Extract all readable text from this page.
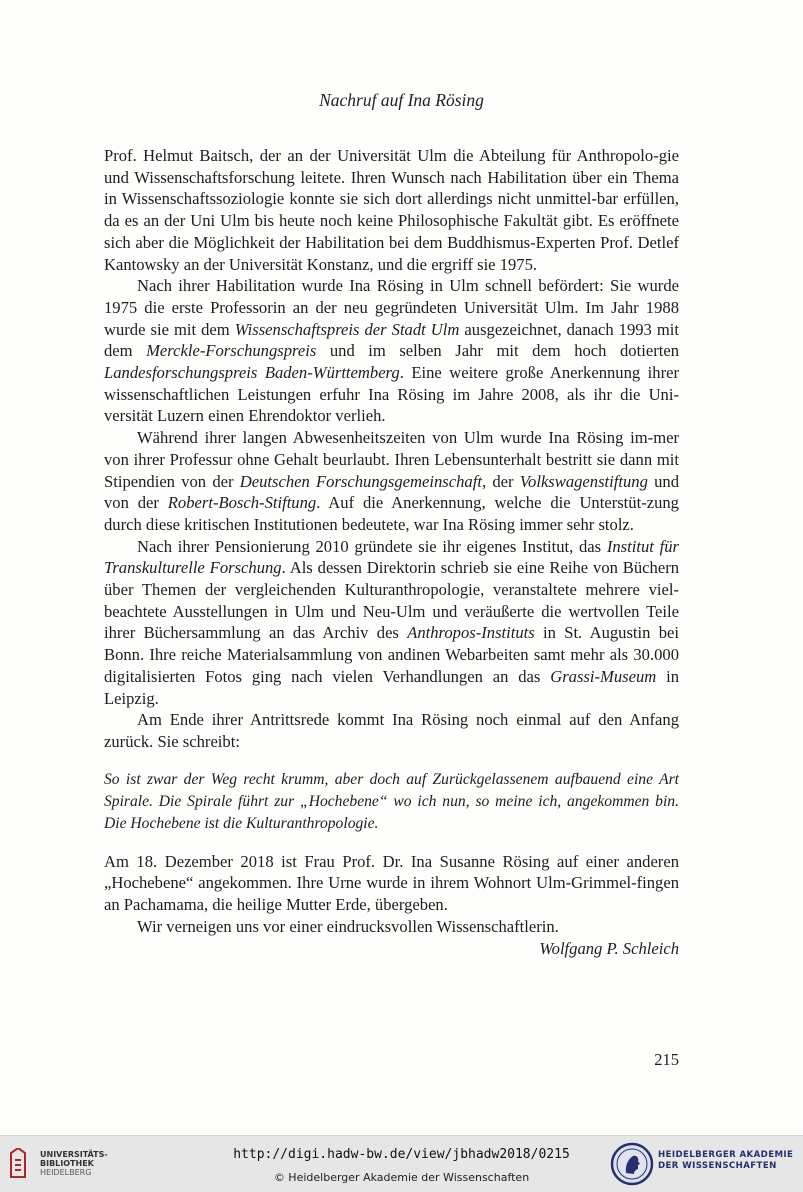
Nachruf auf Ina Rösing

Prof. Helmut Baitsch, der an der Universität Ulm die Abteilung für Anthropolo-gie und Wissenschaftsforschung leitete. Ihren Wunsch nach Habilitation über ein Thema in Wissenschaftssoziologie konnte sie sich dort allerdings nicht unmittel-bar erfüllen, da es an der Uni Ulm bis heute noch keine Philosophische Fakultät gibt. Es eröffnete sich aber die Möglichkeit der Habilitation bei dem Buddhismus-Experten Prof. Detlef Kantowsky an der Universität Konstanz, und die ergriff sie 1975.

Nach ihrer Habilitation wurde Ina Rösing in Ulm schnell befördert: Sie wurde 1975 die erste Professorin an der neu gegründeten Universität Ulm. Im Jahr 1988 wurde sie mit dem Wissenschaftspreis der Stadt Ulm ausgezeichnet, danach 1993 mit dem Merckle-Forschungspreis und im selben Jahr mit dem hoch dotierten Landesforschungspreis Baden-Württemberg. Eine weitere große Anerkennung ihrer wissenschaftlichen Leistungen erfuhr Ina Rösing im Jahre 2008, als ihr die Uni-versität Luzern einen Ehrendoktor verlieh.

Während ihrer langen Abwesenheitszeiten von Ulm wurde Ina Rösing im-mer von ihrer Professur ohne Gehalt beurlaubt. Ihren Lebensunterhalt bestritt sie dann mit Stipendien von der Deutschen Forschungsgemeinschaft, der Volkswagenstiftung und von der Robert-Bosch-Stiftung. Auf die Anerkennung, welche die Unterstüt-zung durch diese kritischen Institutionen bedeutete, war Ina Rösing immer sehr stolz.

Nach ihrer Pensionierung 2010 gründete sie ihr eigenes Institut, das Institut für Transkulturelle Forschung. Als dessen Direktorin schrieb sie eine Reihe von Büchern über Themen der vergleichenden Kulturanthropologie, veranstaltete mehrere viel-beachtete Ausstellungen in Ulm und Neu-Ulm und veräußerte die wertvollen Teile ihrer Büchersammlung an das Archiv des Anthropos-Instituts in St. Augustin bei Bonn. Ihre reiche Materialsammlung von andinen Webarbeiten samt mehr als 30.000 digitalisierten Fotos ging nach vielen Verhandlungen an das Grassi-Museum in Leipzig.

Am Ende ihrer Antrittsrede kommt Ina Rösing noch einmal auf den Anfang zurück. Sie schreibt:

So ist zwar der Weg recht krumm, aber doch auf Zurückgelassenem aufbauend eine Art Spirale. Die Spirale führt zur „Hochebene“ wo ich nun, so meine ich, angekommen bin. Die Hochebene ist die Kulturanthropologie.

Am 18. Dezember 2018 ist Frau Prof. Dr. Ina Susanne Rösing auf einer anderen „Hochebene“ angekommen. Ihre Urne wurde in ihrem Wohnort Ulm-Grimmel-fingen an Pachamama, die heilige Mutter Erde, übergeben.

Wir verneigen uns vor einer eindrucksvollen Wissenschaftlerin.

Wolfgang P. Schleich

215
UNIVERSITÄTS-
BIBLIOTHEK
HEIDELBERG
http://digi.hadw-bw.de/view/jbhadw2018/0215
© Heidelberger Akademie der Wissenschaften
HEIDELBERGER AKADEMIE
DER WISSENSCHAFTEN
